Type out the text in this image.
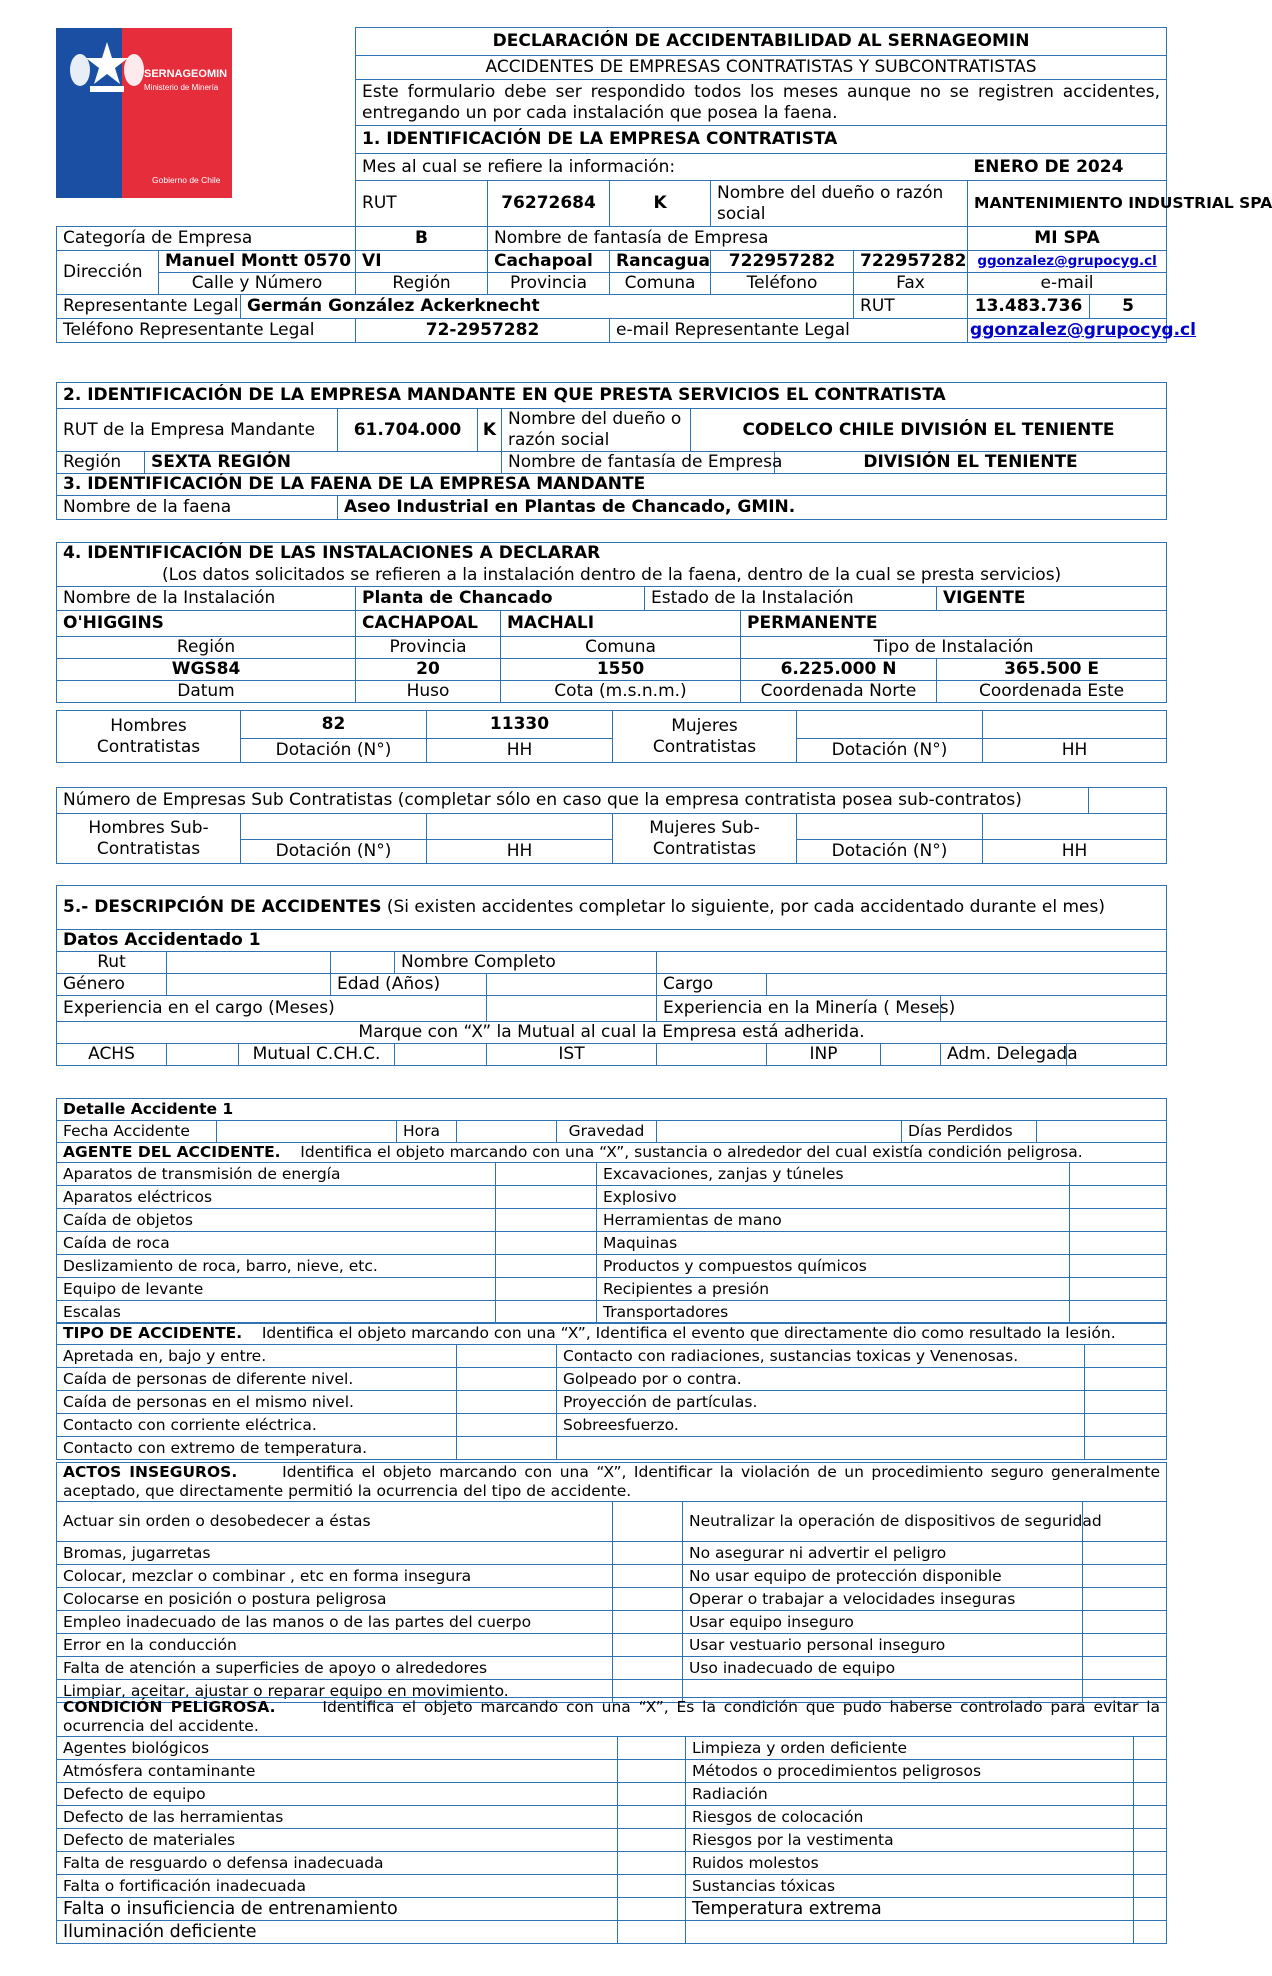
SERNAGEOMIN
Ministerio de Minería
Gobierno de Chile
			DECLARACIÓN DE ACCIDENTABILIDAD AL SERNAGEOMIN						
			ACCIDENTES DE EMPRESAS CONTRATISTAS Y SUBCONTRATISTAS						
			Este formulario debe ser respondido todos los meses aunque no se registren accidentes, entregando un por cada instalación que posea la faena.						
			1. IDENTIFICACIÓN DE LA EMPRESA CONTRATISTA						
			Mes al cual se refiere la información:					ENERO DE 2024	
			RUT	76272684	K	Nombre del dueño o razón social		MANTENIMIENTO INDUSTRIAL SPA	

Categoría de Empresa			B	Nombre de fantasía de Empresa				MI SPA	
Dirección	Manuel Montt 0570		VI	Cachapoal	Rancagua	722957282	722957282	ggonzalez@grupocyg.cl	
	Calle y Número		Región	Provincia	Comuna	Teléfono	Fax	e-mail	
Representante Legal		Germán González Ackerknecht					RUT	13.483.736	5
Teléfono Representante Legal			72-2957282		e-mail Representante Legal			ggonzalez@grupocyg.cl	
2. IDENTIFICACIÓN DE LA EMPRESA MANDANTE EN QUE PRESTA SERVICIOS EL CONTRATISTA						
RUT de la Empresa Mandante		61.704.000	K	Nombre del dueño o razón social	CODELCO CHILE DIVISIÓN EL TENIENTE	
Región	SEXTA REGIÓN			Nombre de fantasía de Empresa		DIVISIÓN EL TENIENTE
3. IDENTIFICACIÓN DE LA FAENA DE LA EMPRESA MANDANTE						
Nombre de la faena		Aseo Industrial en Plantas de Chancado, GMIN.				
4. IDENTIFICACIÓN DE LAS INSTALACIONES A DECLARAR					
(Los datos solicitados se refieren a la instalación dentro de la faena, dentro de la cual se presta servicios)					
Nombre de la Instalación	Planta de Chancado		Estado de la Instalación		VIGENTE
O'HIGGINS	CACHAPOAL	MACHALI		PERMANENTE	
Región	Provincia	Comuna		Tipo de Instalación	
WGS84	20	1550		6.225.000 N	365.500 E
Datum	Huso	Cota (m.s.n.m.)		Coordenada Norte	Coordenada Este
Hombres Contratistas	82	11330	Mujeres Contratistas		
	Dotación (N°)	HH		Dotación (N°)	HH
Número de Empresas Sub Contratistas (completar sólo en caso que la empresa contratista posea sub-contratos)						
Hombres Sub-Contratistas			Mujeres Sub-Contratistas			
	Dotación (N°)	HH		Dotación (N°)	HH	
5.- DESCRIPCIÓN DE ACCIDENTES (Si existen accidentes completar lo siguiente, por cada accidentado durante el mes)										
Datos Accidentado 1										
Rut				Nombre Completo						
Género			Edad (Años)			Cargo				
Experiencia en el cargo (Meses)						Experiencia en la Minería ( Meses)				
Marque con “X” la Mutual al cual la Empresa está adherida.										
ACHS		Mutual C.CH.C.			IST		INP		Adm. Delegada	
Detalle Accidente 1
Fecha Accidente		Hora		Gravedad		Días Perdidos	
AGENTE DEL ACCIDENTE. Identifica el objeto marcando con una “X”, sustancia o alrededor del cual existía condición peligrosa.			
Aparatos de transmisión de energía		Excavaciones, zanjas y túneles	
Aparatos eléctricos		Explosivo	
Caída de objetos		Herramientas de mano	
Caída de roca		Maquinas	
Deslizamiento de roca, barro, nieve, etc.		Productos y compuestos químicos	
Equipo de levante		Recipientes a presión	
Escalas		Transportadores	
TIPO DE ACCIDENTE. Identifica el objeto marcando con una “X”, Identifica el evento que directamente dio como resultado la lesión.			
Apretada en, bajo y entre.		Contacto con radiaciones, sustancias toxicas y Venenosas.	
Caída de personas de diferente nivel.		Golpeado por o contra.	
Caída de personas en el mismo nivel.		Proyección de partículas.	
Contacto con corriente eléctrica.		Sobreesfuerzo.	
Contacto con extremo de temperatura.			
ACTOS INSEGUROS. Identifica el objeto marcando con una “X”, Identificar la violación de un procedimiento seguro generalmente aceptado, que directamente permitió la ocurrencia del tipo de accidente.			
Actuar sin orden o desobedecer a éstas		Neutralizar la operación de dispositivos de seguridad	
Bromas, jugarretas		No asegurar ni advertir el peligro	
Colocar, mezclar o combinar , etc en forma insegura		No usar equipo de protección disponible	
Colocarse en posición o postura peligrosa		Operar o trabajar a velocidades inseguras	
Empleo inadecuado de las manos o de las partes del cuerpo		Usar equipo inseguro	
Error en la conducción		Usar vestuario personal inseguro	
Falta de atención a superficies de apoyo o alrededores		Uso inadecuado de equipo	
Limpiar, aceitar, ajustar o reparar equipo en movimiento.			
CONDICIÓN PELIGROSA. Identifica el objeto marcando con una “X”, Es la condición que pudo haberse controlado para evitar la ocurrencia del accidente.			
Agentes biológicos		Limpieza y orden deficiente	
Atmósfera contaminante		Métodos o procedimientos peligrosos	
Defecto de equipo		Radiación	
Defecto de las herramientas		Riesgos de colocación	
Defecto de materiales		Riesgos por la vestimenta	
Falta de resguardo o defensa inadecuada		Ruidos molestos	
Falta o fortificación inadecuada		Sustancias tóxicas	
Falta o insuficiencia de entrenamiento		Temperatura extrema	
Iluminación deficiente			
